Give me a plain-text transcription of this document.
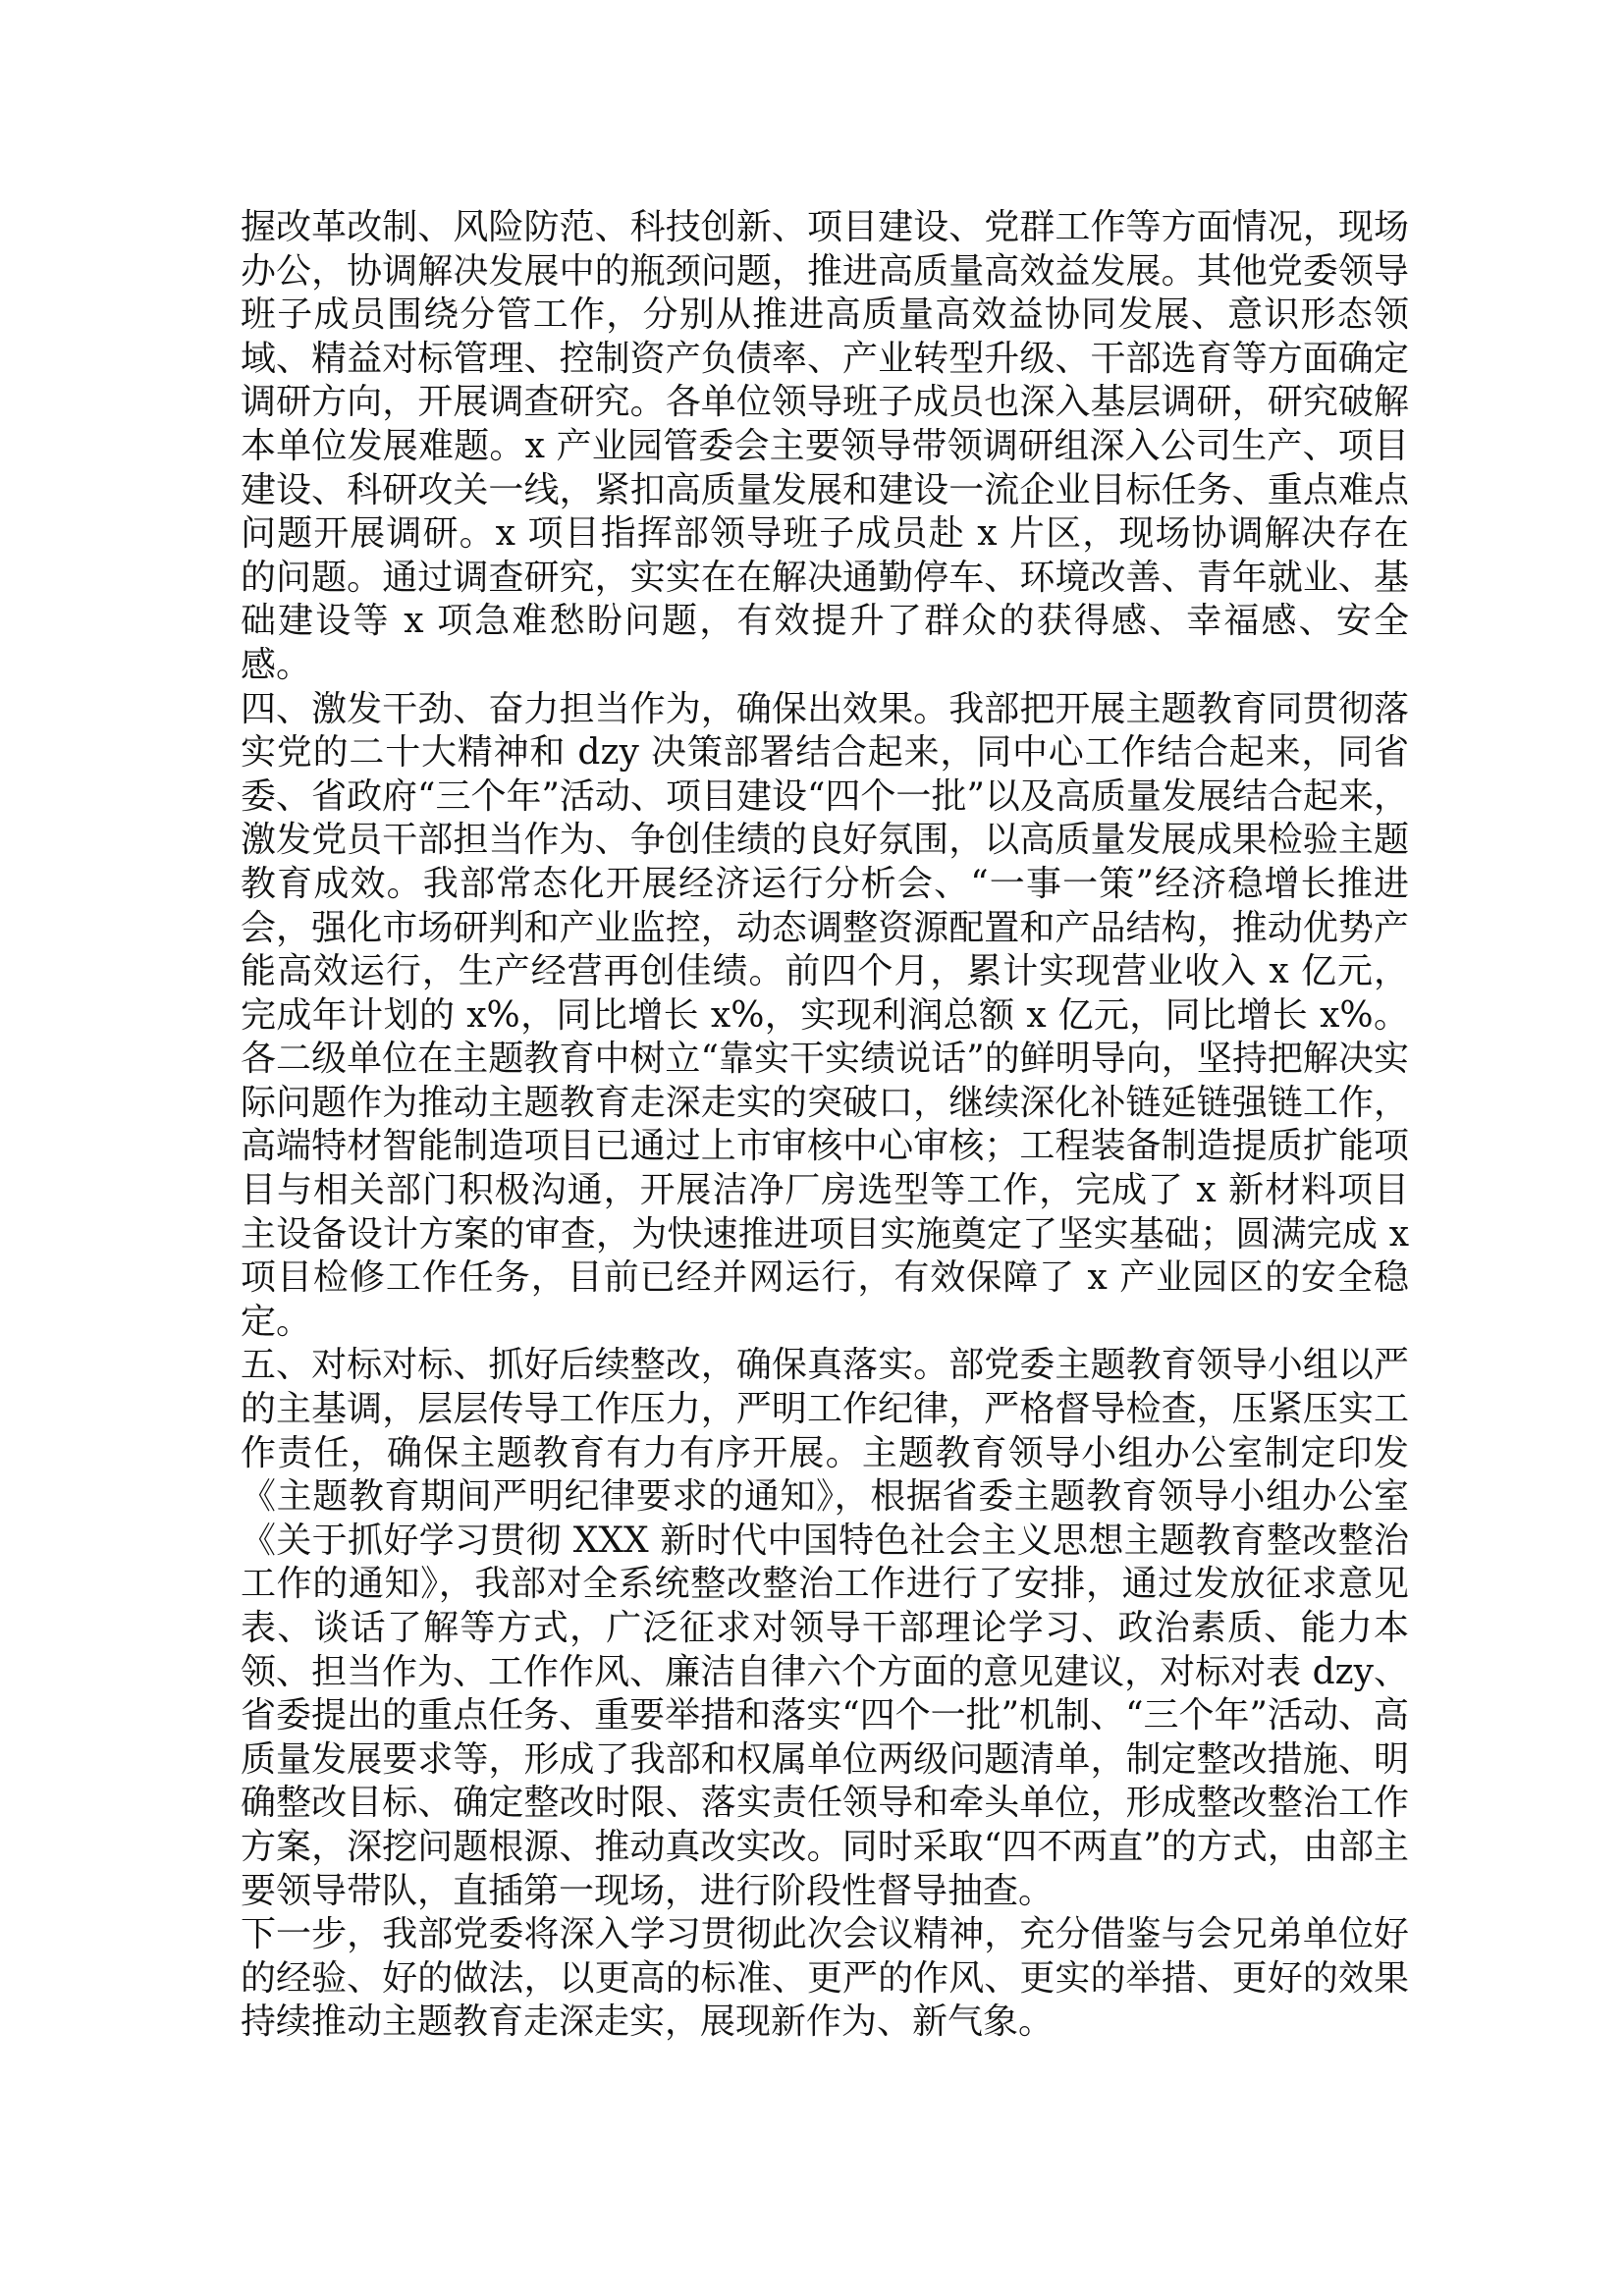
握改革改制、风险防范、科技创新、项目建设、党群工作等方面情况，现场办公，协调解决发展中的瓶颈问题，推进高质量高效益发展。其他党委领导班子成员围绕分管工作，分别从推进高质量高效益协同发展、意识形态领域、精益对标管理、控制资产负债率、产业转型升级、干部选育等方面确定调研方向，开展调查研究。各单位领导班子成员也深入基层调研，研究破解本单位发展难题。x 产业园管委会主要领导带领调研组深入公司生产、项目建设、科研攻关一线，紧扣高质量发展和建设一流企业目标任务、重点难点问题开展调研。x 项目指挥部领导班子成员赴 x 片区，现场协调解决存在的问题。通过调查研究，实实在在解决通勤停车、环境改善、青年就业、基础建设等 x 项急难愁盼问题，有效提升了群众的获得感、幸福感、安全感。

四、激发干劲、奋力担当作为，确保出效果。我部把开展主题教育同贯彻落实党的二十大精神和 dzy 决策部署结合起来，同中心工作结合起来，同省委、省政府“三个年”活动、项目建设“四个一批”以及高质量发展结合起来，激发党员干部担当作为、争创佳绩的良好氛围，以高质量发展成果检验主题教育成效。我部常态化开展经济运行分析会、“一事一策”经济稳增长推进会，强化市场研判和产业监控，动态调整资源配置和产品结构，推动优势产能高效运行，生产经营再创佳绩。前四个月，累计实现营业收入 x 亿元，完成年计划的 x%，同比增长 x%，实现利润总额 x 亿元，同比增长 x%。各二级单位在主题教育中树立“靠实干实绩说话”的鲜明导向，坚持把解决实际问题作为推动主题教育走深走实的突破口，继续深化补链延链强链工作，高端特材智能制造项目已通过上市审核中心审核；工程装备制造提质扩能项目与相关部门积极沟通，开展洁净厂房选型等工作，完成了 x 新材料项目主设备设计方案的审查，为快速推进项目实施奠定了坚实基础；圆满完成 x 项目检修工作任务，目前已经并网运行，有效保障了 x 产业园区的安全稳定。

五、对标对标、抓好后续整改，确保真落实。部党委主题教育领导小组以严的主基调，层层传导工作压力，严明工作纪律，严格督导检查，压紧压实工作责任，确保主题教育有力有序开展。主题教育领导小组办公室制定印发《主题教育期间严明纪律要求的通知》，根据省委主题教育领导小组办公室《关于抓好学习贯彻 XXX 新时代中国特色社会主义思想主题教育整改整治工作的通知》，我部对全系统整改整治工作进行了安排，通过发放征求意见表、谈话了解等方式，广泛征求对领导干部理论学习、政治素质、能力本领、担当作为、工作作风、廉洁自律六个方面的意见建议，对标对表 dzy、省委提出的重点任务、重要举措和落实“四个一批”机制、“三个年”活动、高质量发展要求等，形成了我部和权属单位两级问题清单，制定整改措施、明确整改目标、确定整改时限、落实责任领导和牵头单位，形成整改整治工作方案，深挖问题根源、推动真改实改。同时采取“四不两直”的方式，由部主要领导带队，直插第一现场，进行阶段性督导抽查。

下一步，我部党委将深入学习贯彻此次会议精神，充分借鉴与会兄弟单位好的经验、好的做法，以更高的标准、更严的作风、更实的举措、更好的效果持续推动主题教育走深走实，展现新作为、新气象。
